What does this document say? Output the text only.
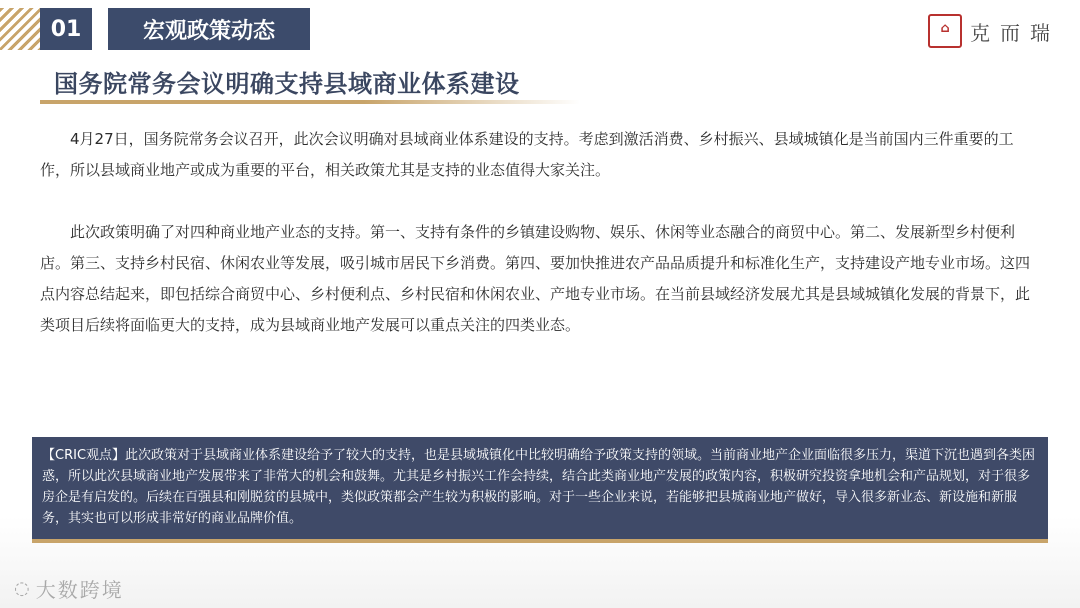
01	宏观政策动态	⌂	克而瑞
国务院常务会议明确支持县域商业体系建设

4月27日，国务院常务会议召开，此次会议明确对县域商业体系建设的支持。考虑到激活消费、乡村振兴、县域城镇化是当前国内三件重要的工作，所以县域商业地产或成为重要的平台，相关政策尤其是支持的业态值得大家关注。

此次政策明确了对四种商业地产业态的支持。第一、支持有条件的乡镇建设购物、娱乐、休闲等业态融合的商贸中心。第二、发展新型乡村便利店。第三、支持乡村民宿、休闲农业等发展，吸引城市居民下乡消费。第四、要加快推进农产品品质提升和标准化生产，支持建设产地专业市场。这四点内容总结起来，即包括综合商贸中心、乡村便利点、乡村民宿和休闲农业、产地专业市场。在当前县域经济发展尤其是县域城镇化发展的背景下，此类项目后续将面临更大的支持，成为县域商业地产发展可以重点关注的四类业态。

【CRIC观点】此次政策对于县域商业体系建设给予了较大的支持，也是县域城镇化中比较明确给予政策支持的领域。当前商业地产企业面临很多压力，渠道下沉也遇到各类困惑，所以此次县域商业地产发展带来了非常大的机会和鼓舞。尤其是乡村振兴工作会持续，结合此类商业地产发展的政策内容，积极研究投资拿地机会和产品规划，对于很多房企是有启发的。后续在百强县和刚脱贫的县城中，类似政策都会产生较为积极的影响。对于一些企业来说，若能够把县城商业地产做好，导入很多新业态、新设施和新服务，其实也可以形成非常好的商业品牌价值。
◌ 大数跨境
